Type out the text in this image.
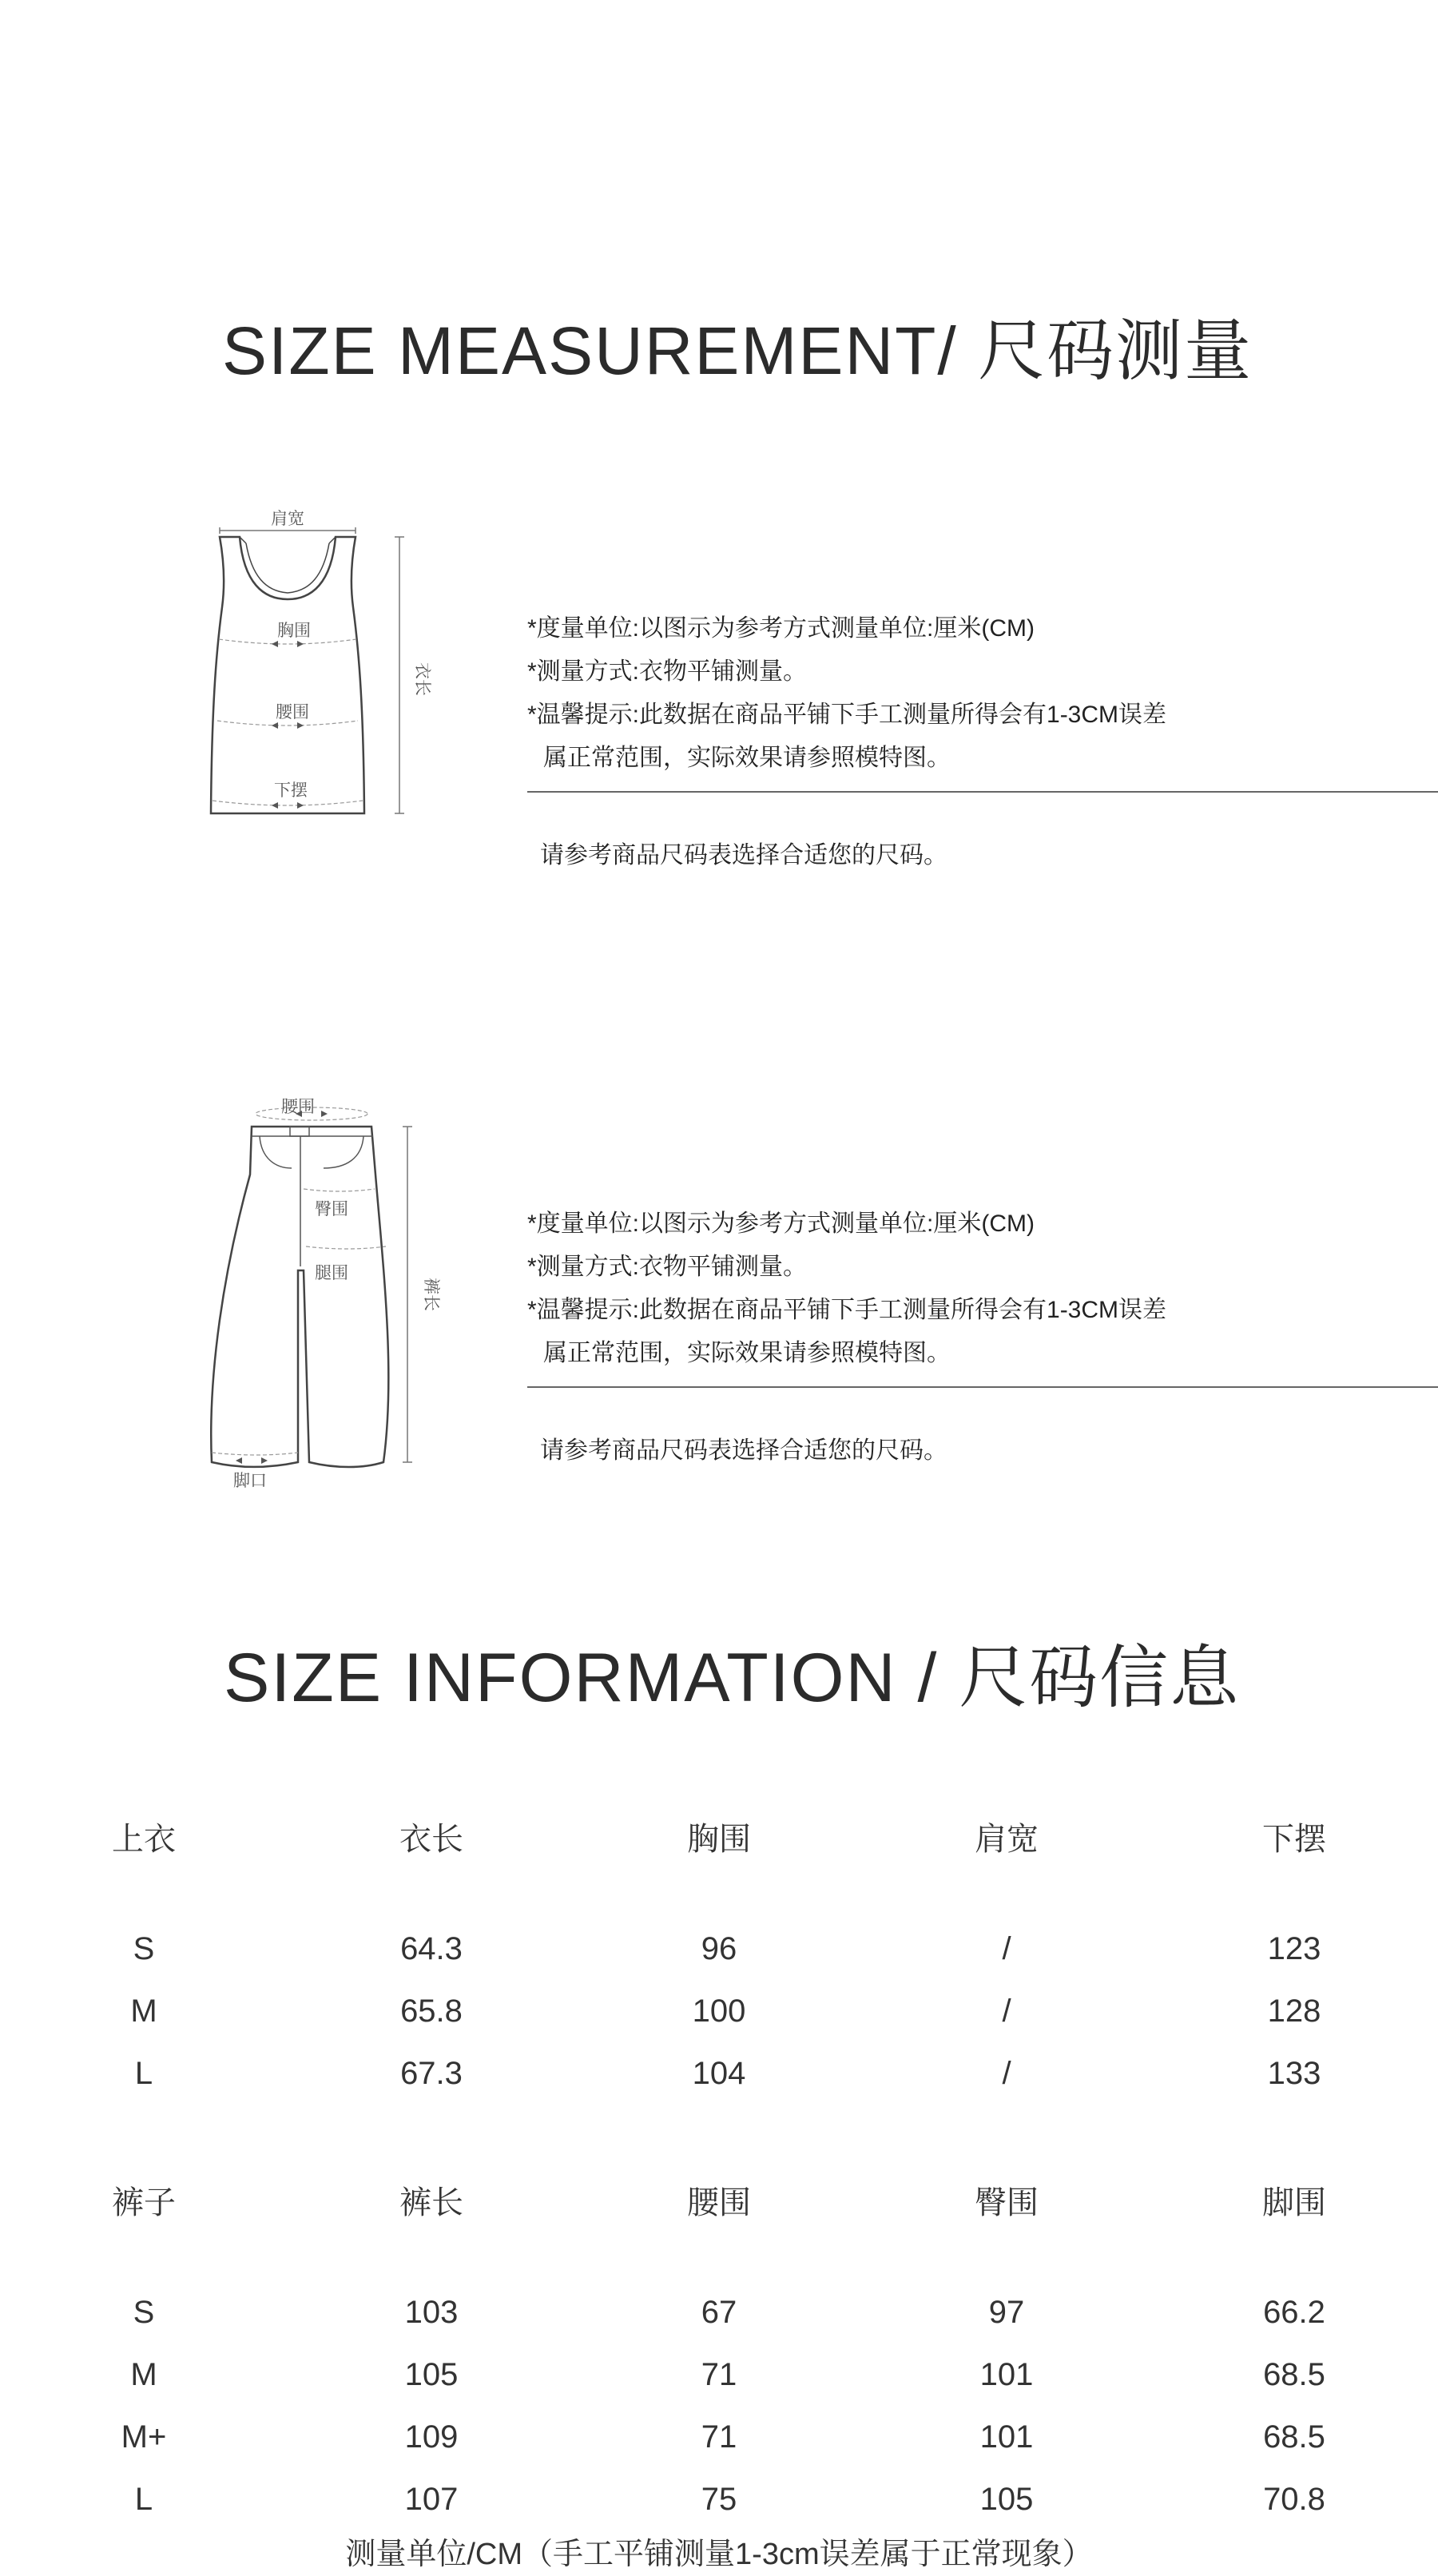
SIZE MEASUREMENT/ 尺码测量
肩宽
胸围
腰围
下摆
衣长

*度量单位:以图示为参考方式测量单位:厘米(CM)

*测量方式:衣物平铺测量。

*温馨提示:此数据在商品平铺下手工测量所得会有1-3CM误差

属正常范围，实际效果请参照模特图。

请参考商品尺码表选择合适您的尺码。
腰围
臀围
腿围
脚口
裤长

*度量单位:以图示为参考方式测量单位:厘米(CM)

*测量方式:衣物平铺测量。

*温馨提示:此数据在商品平铺下手工测量所得会有1-3CM误差

属正常范围，实际效果请参照模特图。

请参考商品尺码表选择合适您的尺码。
SIZE INFORMATION / 尺码信息
上衣	衣长	胸围	肩宽	下摆
S	64.3	96	/	123
M	65.8	100	/	128
L	67.3	104	/	133
裤子	裤长	腰围	臀围	脚围
S	103	67	97	66.2
M	105	71	101	68.5
M+	109	71	101	68.5
L	107	75	105	70.8
测量单位/CM（手工平铺测量1-3cm误差属于正常现象）
